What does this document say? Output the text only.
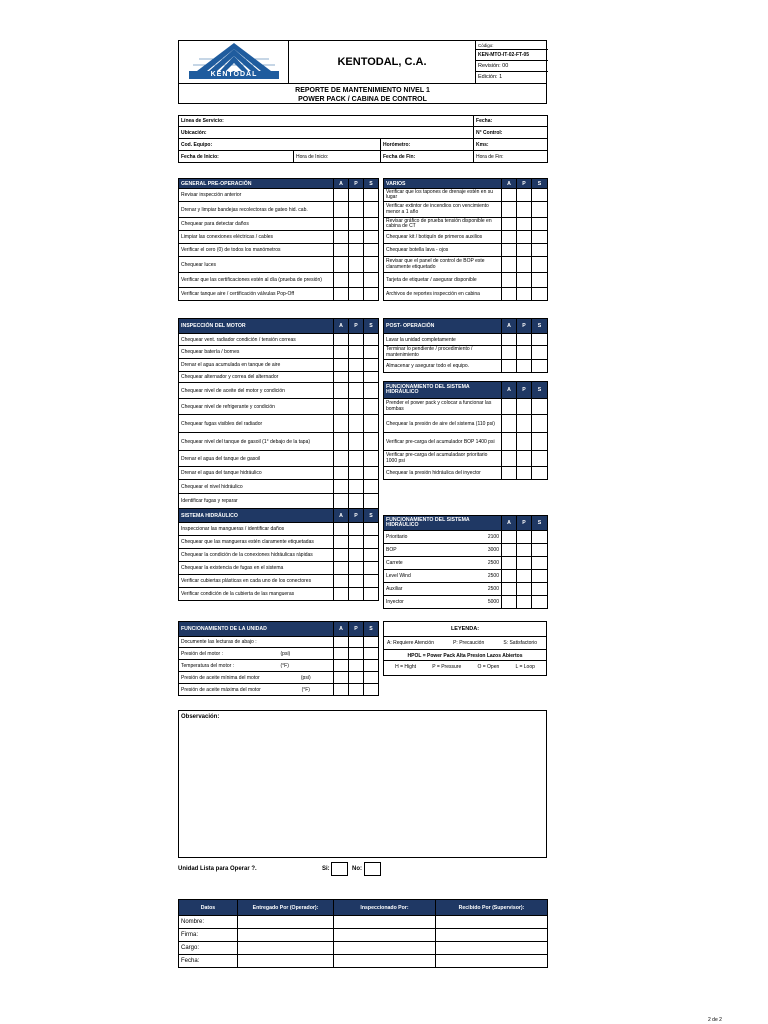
KENTODAL
KENTODAL, C.A.
Código:
KEN-MTO-IT-02-FT-05
Revisión: 00
Edición: 1
REPORTE DE MANTENIMIENTO NIVEL 1
POWER PACK / CABINA DE CONTROL
Línea de Servicio:			Fecha:
Ubicación:			N° Control:
Cod. Equipo:		Horómetro:	Kms:
Fecha de Inicio:	Hora de Inicio:	Fecha de Fin:	Hora de Fin:
GENERAL PRE-OPERACIÓN	A	P	S
Revisar inspección anterior			
Drenar y limpiar bandejas recolectoras de gateo hid. cab.			
Chequear para detectar daños			
Limpiar las conexiones eléctricas / cables			
Verificar el cero (0) de todos los manómetros			
Chequear luces			
Verificar que las certificaciones estén al día (prueba de presión)			
Verificar tanque aire / certificación válvulas Pop-Off			
VARIOS	A	P	S
Verificar que los tapones de drenaje estén en su lugar			
Verificar extintor de incendios con vencimiento menor a 1 año			
Revisar gráfico de prueba tensión disponible en cabina de CT			
Chequear kit / botiquín de primeros auxilios			
Chequear botella lava - ojos			
Revisar que el panel de control de BOP este claramente etiquetado			
Tarjeta de etiquetar / asegurar disponible			
Archivos de reportes inspección en cabina			
INSPECCIÓN DEL MOTOR	A	P	S
Chequear vent. radiador condición / tensión correas			
Chequear batería / bornes			
Drenar el agua acumulada en tanque de aire			
Chequear alternador y correa del alternador			
Chequear nivel de aceite del motor y condición			
Chequear nivel de refrigerante y condición			
Chequear fugas visibles del radiador			
Chequear nivel del tanque de gasoil (1° debajo de la tapa)			
Drenar el agua del tanque de gasoil			
Drenar el agua del tanque hidráulico			
Chequear el nivel hidráulico			
Identificar fugas y reparar			
SISTEMA HIDRÁULICO	A	P	S
Inspeccionar las mangueras / identificar daños			
Chequear que las mangueras estén claramente etiquetadas			
Chequear la condición de la conexiones hidráulicas rápidas			
Chequear la existencia de fugas en el sistema			
Verificar cubiertas plásticas en cada uno de los conectores			
Verificar condición de la cubierta de las mangueras			
POST- OPERACIÓN	A	P	S
Lavar la unidad completamente			
Terminar lo pendiente / procedimiento / mantenimiento			
Almacenar y asegurar todo el equipo.			

FUNCIONAMIENTO DEL SISTEMA HIDRÁULICO	A	P	S
Prender el power pack y colocar a funcionar las bombas			
Chequear la presión de aire del sistema (110 psi)			
Verificar pre-carga del acumulador BOP 1400 psi			
Verificar pre-carga del acumuladaor prioritario 1000 psi			
Chequear la presión hidráulica del inyector			
FUNCIONAMIENTO DEL SISTEMA HIDRÁULICO		A	P	S
Prioritario	2100			
BOP	3000			
Carrete	2500			
Level Wind	2500			
Auxiliar	2500			
Inyector	5000			
FUNCIONAMIENTO DE LA UNIDAD		A	P	S
Documente las lecturas de abajo :				
Presión del motor :	(psi)			
Temperatura del motor :	(°F)			
Presión de aceite mínima del motor	(psi)			
Presión de aceite máxima del motor	(°F)			
LEYENDA:
A: Requiere Atención	P: Precaución	S: Satisfactorio
HPOL = Power Pack Alta Presion Lazos Abiertos
H = Hight	P = Pressure	O = Open	L = Loop
Observación:
Unidad Lista para Operar ?.	Si:	No:
Datos	Entregado Por (Operador):	Inspeccionado Por:	Recibido Por (Supervisor):
Nombre:			
Firma:			
Cargo:			
Fecha:			
2 de 2
